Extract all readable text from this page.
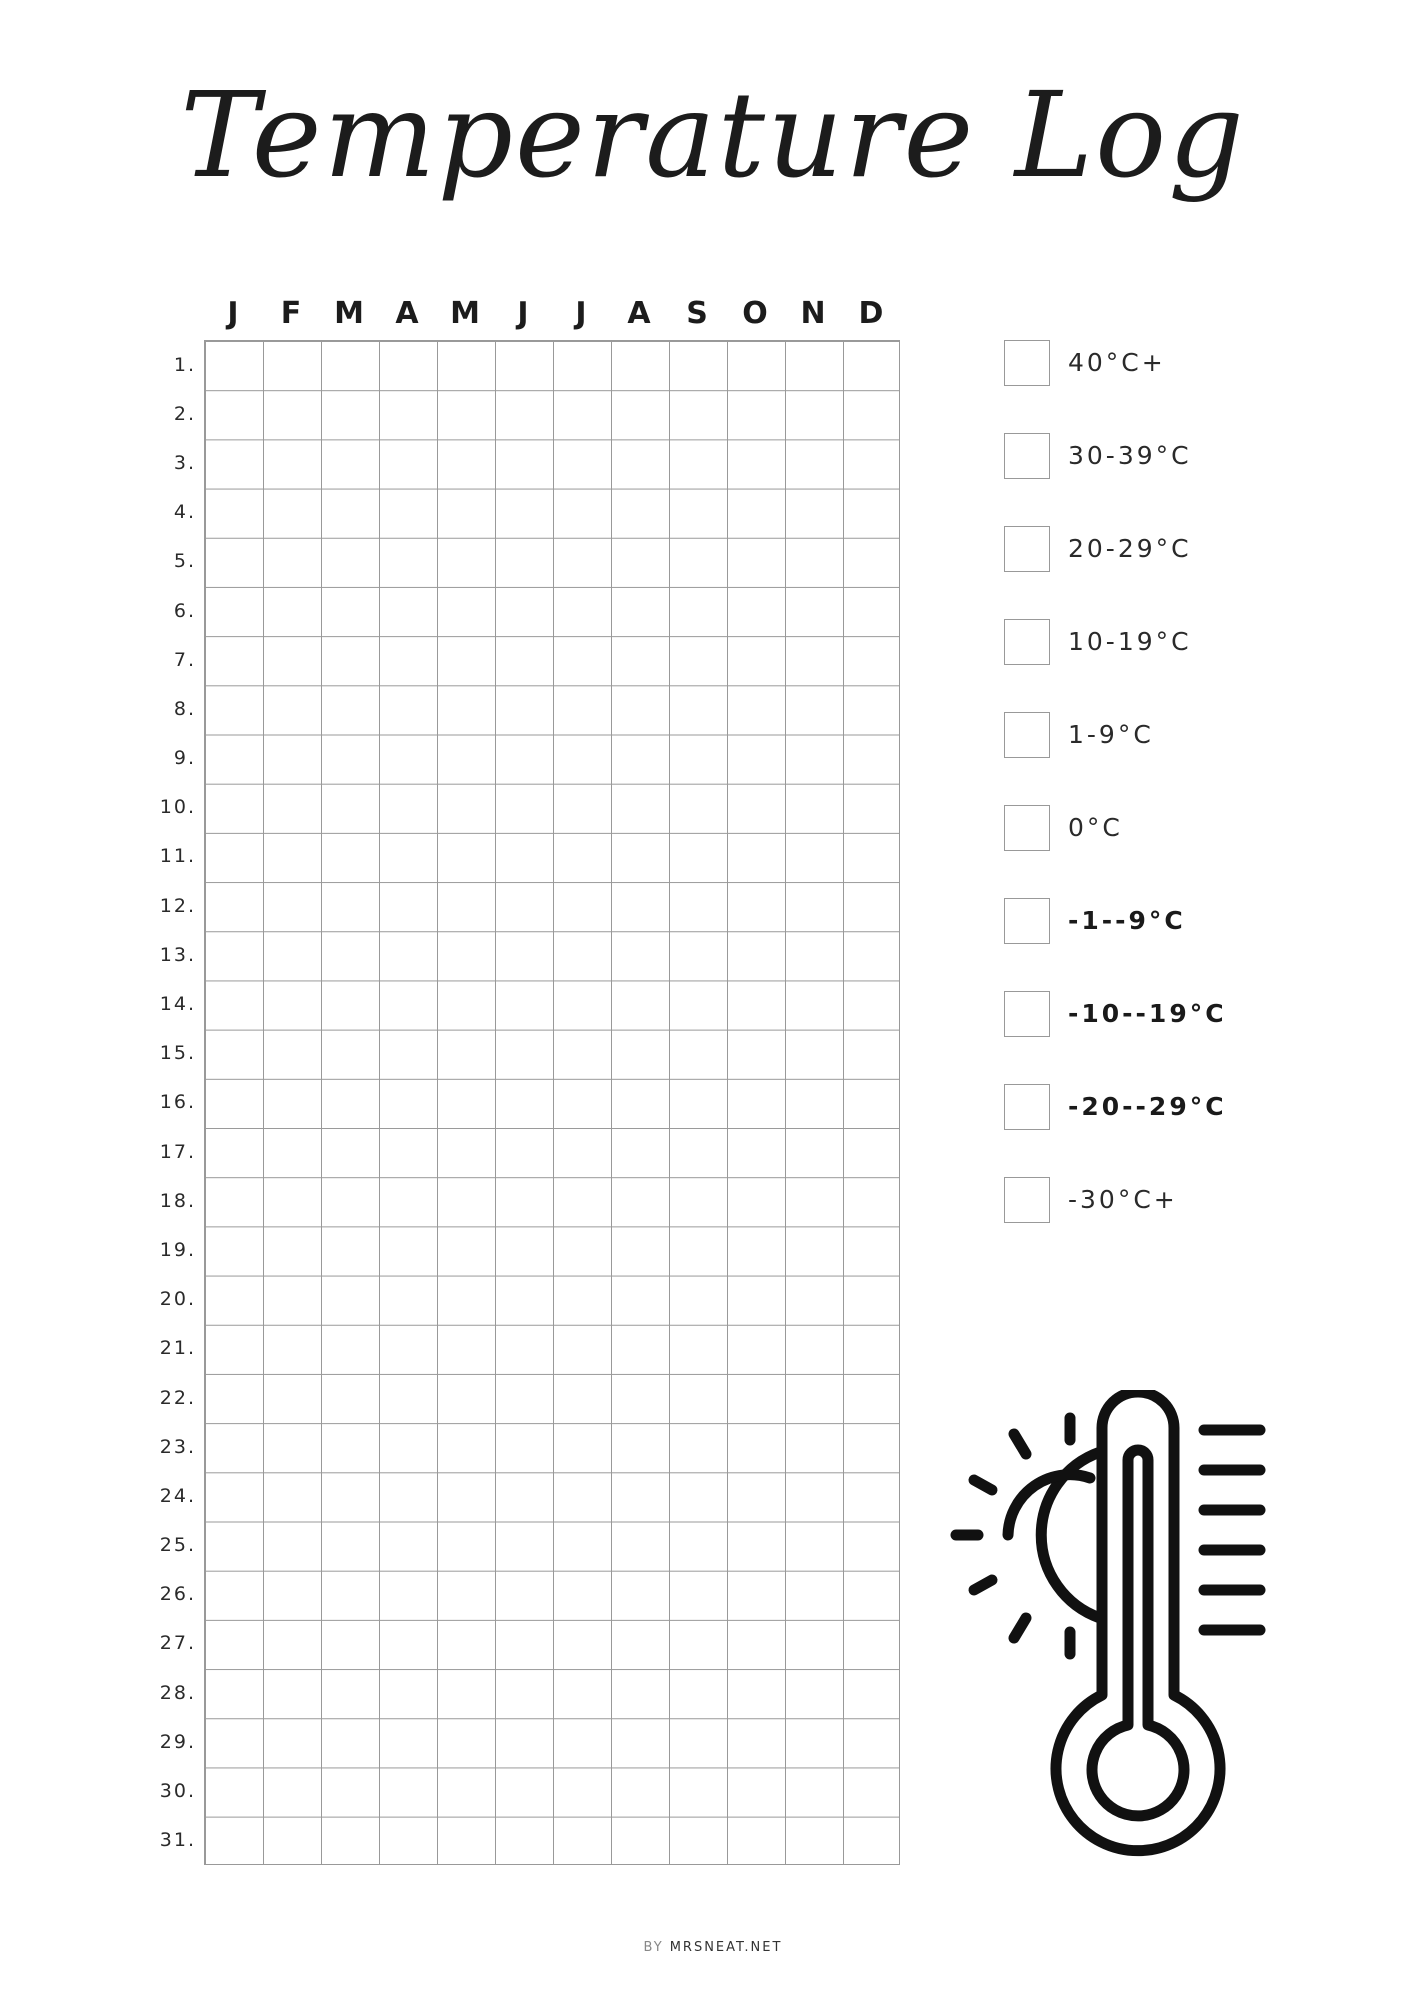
Temperature Log
J	F	M	A	M	J	J	A	S	O	N	D
1.
2.
3.
4.
5.
6.
7.
8.
9.
10.
11.
12.
13.
14.
15.
16.
17.
18.
19.
20.
21.
22.
23.
24.
25.
26.
27.
28.
29.
30.
31.
40°C+
30-39°C
20-29°C
10-19°C
1-9°C
0°C
-1--9°C
-10--19°C
-20--29°C
-30°C+
BY MRSNEAT.NET
